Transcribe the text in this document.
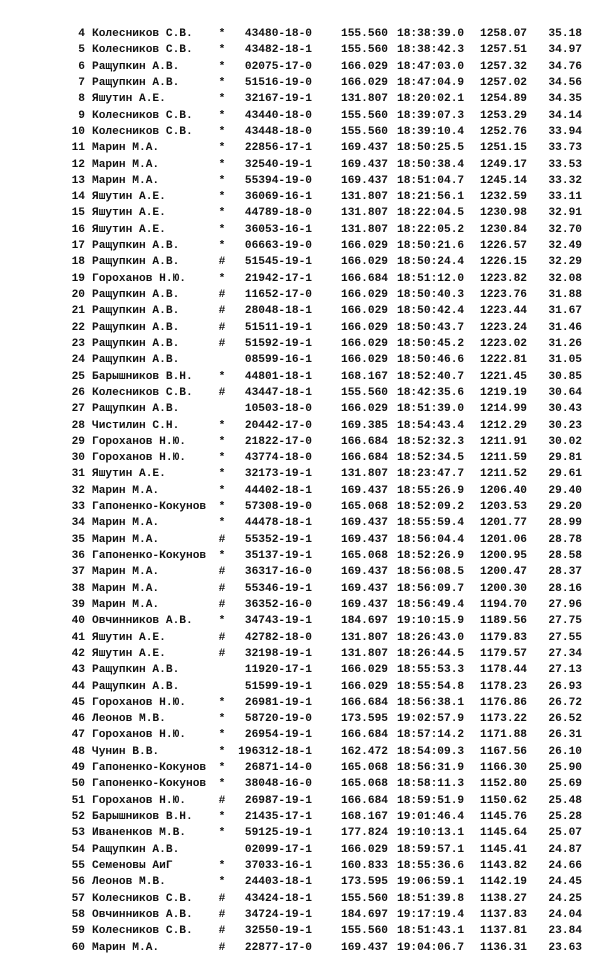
4 Колесников С.В. *	43480-18-0	155.560 18:38:39.0 1258.07	35.18
5 Колесников С.В. *	43482-18-1	155.560 18:38:42.3 1257.51	34.97
6 Ращупкин А.В.	*	02075-17-0	166.029 18:47:03.0 1257.32	34.76
7 Ращупкин А.В.	*	51516-19-0	166.029 18:47:04.9 1257.02	34.56
8 Яшутин А.Е.	*	32167-19-1	131.807 18:20:02.1 1254.89	34.35
9 Колесников С.В. *	43440-18-0	155.560 18:39:07.3 1253.29	34.14
10 Колесников С.В. *	43448-18-0	155.560 18:39:10.4 1252.76	33.94
11 Марин М.А.	*	22856-17-1	169.437 18:50:25.5 1251.15	33.73
12 Марин М.А.	*	32540-19-1	169.437 18:50:38.4 1249.17	33.53
13 Марин М.А.	*	55394-19-0	169.437 18:51:04.7 1245.14	33.32
14 Яшутин А.Е.	*	36069-16-1	131.807 18:21:56.1 1232.59	33.11
15 Яшутин А.Е.	*	44789-18-0	131.807 18:22:04.5 1230.98	32.91
16 Яшутин А.Е.	*	36053-16-1	131.807 18:22:05.2 1230.84	32.70
17 Ращупкин А.В.	*	06663-19-0	166.029 18:50:21.6 1226.57	32.49
18 Ращупкин А.В.	#	51545-19-1	166.029 18:50:24.4 1226.15	32.29
19 Гороханов Н.Ю.	*	21942-17-1	166.684 18:51:12.0 1223.82	32.08
20 Ращупкин А.В.	#	11652-17-0	166.029 18:50:40.3 1223.76	31.88
21 Ращупкин А.В.	#	28048-18-1	166.029 18:50:42.4 1223.44	31.67
22 Ращупкин А.В.	#	51511-19-1	166.029 18:50:43.7 1223.24	31.46
23 Ращупкин А.В.	#	51592-19-1	166.029 18:50:45.2 1223.02	31.26
24 Ращупкин А.В.	08599-16-1	166.029 18:50:46.6 1222.81	31.05
25 Барышников В.Н. *	44801-18-1	168.167 18:52:40.7 1221.45	30.85
26 Колесников С.В. #	43447-18-1	155.560 18:42:35.6 1219.19	30.64
27 Ращупкин А.В.	10503-18-0	166.029 18:51:39.0 1214.99	30.43
28 Чистилин С.Н.	*	20442-17-0	169.385 18:54:43.4 1212.29	30.23
29 Гороханов Н.Ю.	*	21822-17-0	166.684 18:52:32.3 1211.91	30.02
30 Гороханов Н.Ю.	*	43774-18-0	166.684 18:52:34.5 1211.59	29.81
31 Яшутин А.Е.	*	32173-19-1	131.807 18:23:47.7 1211.52	29.61
32 Марин М.А.	*	44402-18-1	169.437 18:55:26.9 1206.40	29.40
33 Гапоненко-Кокунов *	57308-19-0	165.068 18:52:09.2 1203.53	29.20
34 Марин М.А.	*	44478-18-1	169.437 18:55:59.4 1201.77	28.99
35 Марин М.А.	#	55352-19-1	169.437 18:56:04.4 1201.06	28.78
36 Гапоненко-Кокунов *	35137-19-1	165.068 18:52:26.9 1200.95	28.58
37 Марин М.А.	#	36317-16-0	169.437 18:56:08.5 1200.47	28.37
38 Марин М.А.	#	55346-19-1	169.437 18:56:09.7 1200.30	28.16
39 Марин М.А.	#	36352-16-0	169.437 18:56:49.4 1194.70	27.96
40 Овчинников А.В. *	34743-19-1	184.697 19:10:15.9 1189.56	27.75
41 Яшутин А.Е.	#	42782-18-0	131.807 18:26:43.0 1179.83	27.55
42 Яшутин А.Е.	#	32198-19-1	131.807 18:26:44.5 1179.57	27.34
43 Ращупкин А.В.	11920-17-1	166.029 18:55:53.3 1178.44	27.13
44 Ращупкин А.В.	51599-19-1	166.029 18:55:54.8 1178.23	26.93
45 Гороханов Н.Ю.	*	26981-19-1	166.684 18:56:38.1 1176.86	26.72
46 Леонов М.В.	*	58720-19-0	173.595 19:02:57.9 1173.22	26.52
47 Гороханов Н.Ю.	*	26954-19-1	166.684 18:57:14.2 1171.88	26.31
48 Чунин В.В.	*	196312-18-1	162.472 18:54:09.3 1167.56	26.10
49 Гапоненко-Кокунов *	26871-14-0	165.068 18:56:31.9 1166.30	25.90
50 Гапоненко-Кокунов *	38048-16-0	165.068 18:58:11.3 1152.80	25.69
51 Гороханов Н.Ю.	#	26987-19-1	166.684 18:59:51.9 1150.62	25.48
52 Барышников В.Н. *	21435-17-1	168.167 19:01:46.4 1145.76	25.28
53 Иваненков М.В.	*	59125-19-1	177.824 19:10:13.1 1145.64	25.07
54 Ращупкин А.В.	02099-17-1	166.029 18:59:57.1 1145.41	24.87
55 Семеновы АиГ	*	37033-16-1	160.833 18:55:36.6 1143.82	24.66
56 Леонов М.В.	*	24403-18-1	173.595 19:06:59.1 1142.19	24.45
57 Колесников С.В. #	43424-18-1	155.560 18:51:39.8 1138.27	24.25
58 Овчинников А.В. #	34724-19-1	184.697 19:17:19.4 1137.83	24.04
59 Колесников С.В. #	32550-19-1	155.560 18:51:43.1 1137.81	23.84
60 Марин М.А.	#	22877-17-0	169.437 19:04:06.7 1136.31	23.63
